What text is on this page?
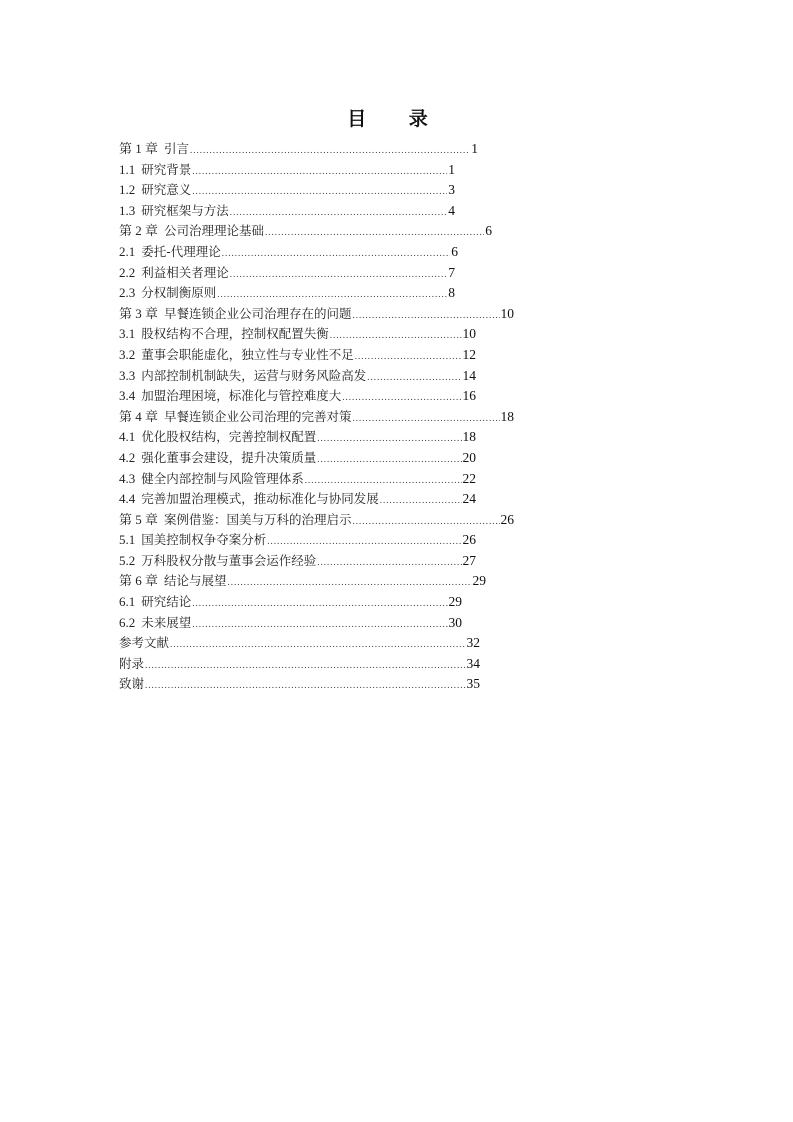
目 录
第 1 章 引言 .....	1
1.1 研究背景 .....	1
1.2 研究意义 .....	3
1.3 研究框架与方法 .....	4
第 2 章 公司治理理论基础 .....	6
2.1 委托-代理理论 .....	6
2.2 利益相关者理论 .....	7
2.3 分权制衡原则 .....	8
第 3 章 早餐连锁企业公司治理存在的问题 .....	10
3.1 股权结构不合理，控制权配置失衡 .....	10
3.2 董事会职能虚化，独立性与专业性不足 .....	12
3.3 内部控制机制缺失，运营与财务风险高发 .....	14
3.4 加盟治理困境，标准化与管控难度大 .....	16
第 4 章 早餐连锁企业公司治理的完善对策 .....	18
4.1 优化股权结构，完善控制权配置 .....	18
4.2 强化董事会建设，提升决策质量 .....	20
4.3 健全内部控制与风险管理体系 .....	22
4.4 完善加盟治理模式，推动标准化与协同发展 .....	24
第 5 章 案例借鉴：国美与万科的治理启示 .....	26
5.1 国美控制权争夺案分析 .....	26
5.2 万科股权分散与董事会运作经验 .....	27
第 6 章 结论与展望 .....	29
6.1 研究结论 .....	29
6.2 未来展望 .....	30
参考文献 .....	32
附录 .....	34
致谢 .....	35
